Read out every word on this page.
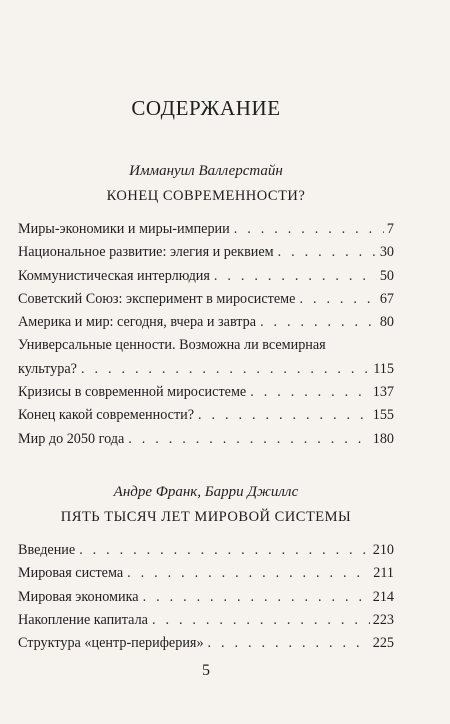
СОДЕРЖАНИЕ

Иммануил Валлерстайн

КОНЕЦ СОВРЕМЕННОСТИ?
Миры-экономики и миры-империи . . .	7
Национальное развитие: элегия и реквием . . .	30
Коммунистическая интерлюдия . . .	50
Советский Союз: эксперимент в миросистеме . . .	67
Америка и мир: сегодня, вчера и завтра . . .	80
Универсальные ценности. Возможна ли всемирная
культура? . . .	115
Кризисы в современной миросистеме . . .	137
Конец какой современности? . . .	155
Мир до 2050 года . . .	180

Андре Франк, Барри Джиллс

ПЯТЬ ТЫСЯЧ ЛЕТ МИРОВОЙ СИСТЕМЫ
Введение . . .	210
Мировая система . . .	211
Мировая экономика . . .	214
Накопление капитала . . .	223
Структура «центр-периферия» . . .	225
5
